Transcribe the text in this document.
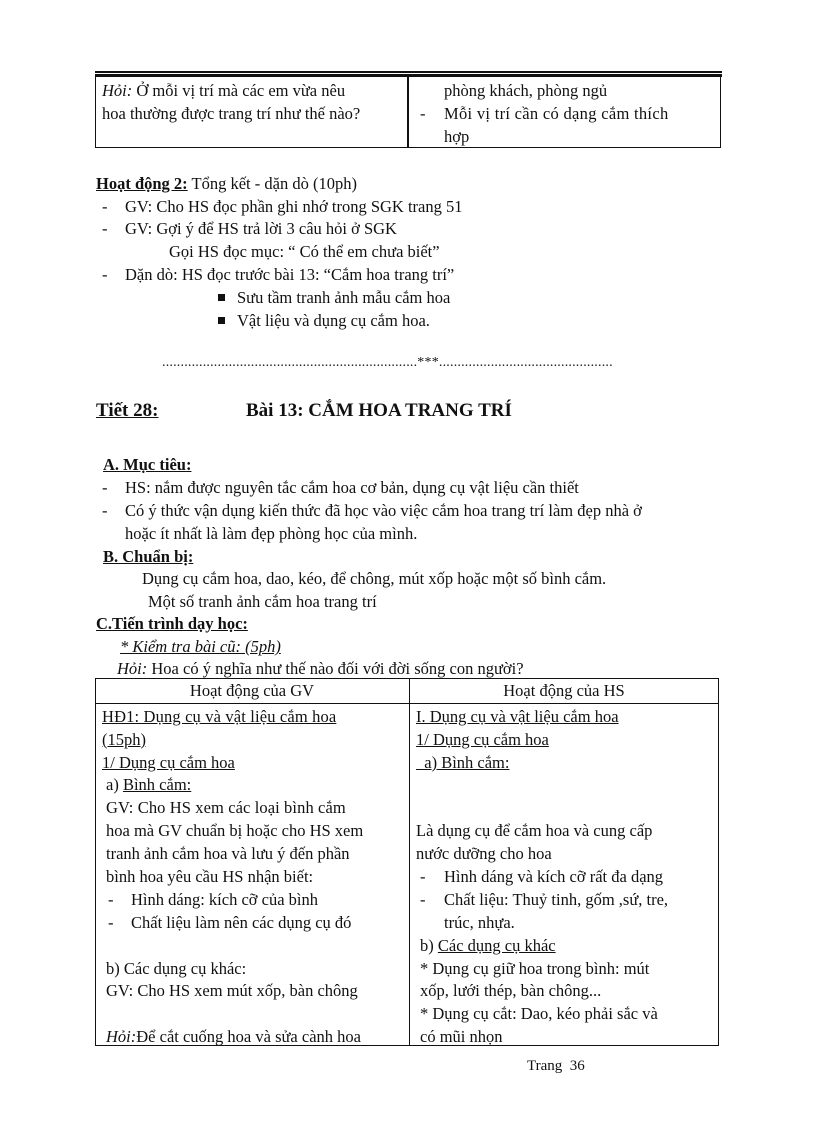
Hỏi: Ở mỗi vị trí mà các em vừa nêu
hoa thường được trang trí như thế nào?
phòng khách, phòng ngủ
- Mỗi vị trí cần có dạng cắm thích
hợp
Hoạt động 2: Tổng kết - dặn dò (10ph)
- GV: Cho HS đọc phần ghi nhớ trong SGK trang 51
- GV: Gợi ý để HS trả lời 3 câu hỏi ở SGK
Gọi HS đọc mục: “ Có thể em chưa biết”
- Dặn dò: HS đọc trước bài 13: “Cắm hoa trang trí”
Sưu tầm tranh ảnh mẫu cắm hoa
Vật liệu và dụng cụ cắm hoa.
.....................................................................***...............................................
Tiết 28:	Bài 13: CẮM HOA TRANG TRÍ
A. Mục tiêu:
- HS: nắm được nguyên tắc cắm hoa cơ bản, dụng cụ vật liệu cần thiết
- Có ý thức vận dụng kiến thức đã học vào việc cắm hoa trang trí làm đẹp nhà ở
hoặc ít nhất là làm đẹp phòng học của mình.
B. Chuẩn bị:
Dụng cụ cắm hoa, dao, kéo, để chông, mút xốp hoặc một số bình cắm.
Một số tranh ảnh cắm hoa trang trí
C.Tiến trình dạy học:
* Kiểm tra bài cũ: (5ph)
Hỏi: Hoa có ý nghĩa như thế nào đối với đời sống con người?
Hoạt động của GV	Hoạt động của HS
HĐ1: Dụng cụ và vật liệu cắm hoa
(15ph)
1/ Dụng cụ cắm hoa
a) Bình cắm:
GV: Cho HS xem các loại bình cắm
hoa mà GV chuẩn bị hoặc cho HS xem
tranh ảnh cắm hoa và lưu ý đến phần
bình hoa yêu cầu HS nhận biết:
- Hình dáng: kích cỡ của bình
- Chất liệu làm nên các dụng cụ đó
b) Các dụng cụ khác:
GV: Cho HS xem mút xốp, bàn chông
Hỏi:Để cắt cuống hoa và sửa cành hoa
I. Dụng cụ và vật liệu cắm hoa
1/ Dụng cụ cắm hoa
a) Bình cắm:
Là dụng cụ để cắm hoa và cung cấp
nước dưỡng cho hoa
- Hình dáng và kích cỡ rất đa dạng
- Chất liệu: Thuỷ tinh, gốm ,sứ, tre,
trúc, nhựa.
b) Các dụng cụ khác
* Dụng cụ giữ hoa trong bình: mút
xốp, lưới thép, bàn chông...
* Dụng cụ cắt: Dao, kéo phải sắc và
có mũi nhọn
Trang  36
